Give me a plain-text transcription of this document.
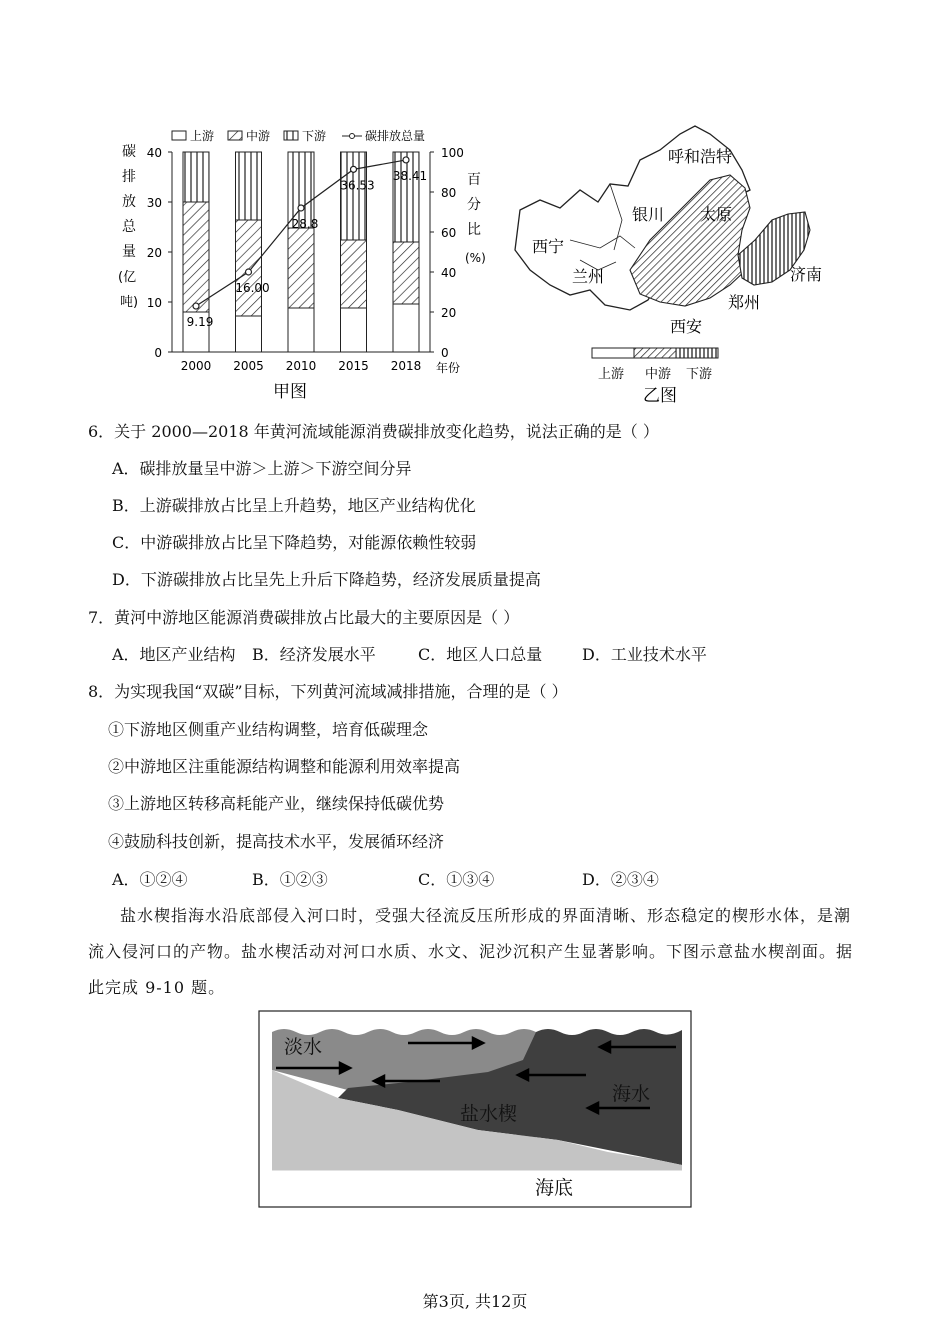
上游	中游	下游	碳排放总量
碳
排
放
总
量
(亿
吨)
百
分
比
(%)
2000 2005 2010 2015 2018
9.19
16.00
28.8
36.53
38.41
0
10
20
30
40
0
20
40
60
80
100
年份
甲图
呼和浩特
银川 太原
西宁
兰州	济南
郑州
西安
上游 中游 下游
乙图
6．关于 2000—2018 年黄河流域能源消费碳排放变化趋势，说法正确的是（ ）
A．碳排放量呈中游＞上游＞下游空间分异
B．上游碳排放占比呈上升趋势，地区产业结构优化
C．中游碳排放占比呈下降趋势，对能源依赖性较弱
D．下游碳排放占比呈先上升后下降趋势，经济发展质量提高
7．黄河中游地区能源消费碳排放占比最大的主要原因是（ ）
A．地区产业结构 B．经济发展水平	C．地区人口总量 D．工业技术水平
8．为实现我国“双碳”目标，下列黄河流域减排措施，合理的是（ ）
①下游地区侧重产业结构调整，培育低碳理念
②中游地区注重能源结构调整和能源利用效率提高
③上游地区转移高耗能产业，继续保持低碳优势
④鼓励科技创新，提高技术水平，发展循环经济
A．①②④	B．①②③	C．①③④	D．②③④
盐水楔指海水沿底部侵入河口时，受强大径流反压所形成的界面清晰、形态稳定的楔形水体，是潮流入侵河口的产物。盐水楔活动对河口水质、水文、泥沙沉积产生显著影响。下图示意盐水楔剖面。据此完成 9-10 题。
淡水
海水
盐水楔
海底
第3页, 共12页
